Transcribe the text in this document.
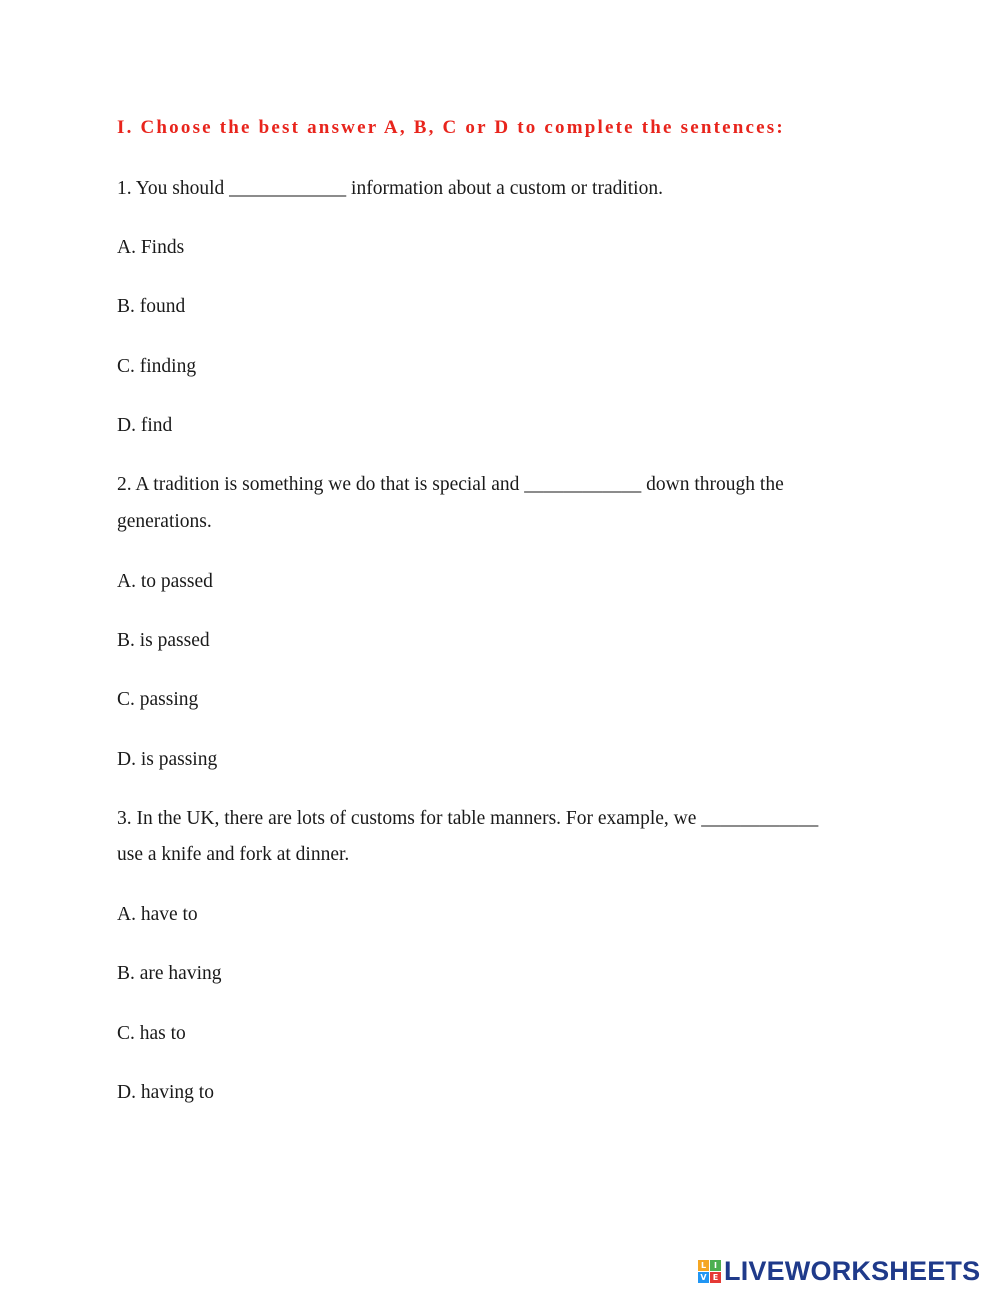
I. Choose the best answer A, B, C or D to complete the sentences:
1. You should ____________ information about a custom or tradition.
A. Finds
B. found
C. finding
D. find
2. A tradition is something we do that is special and ____________ down through the
generations.
A. to passed
B. is passed
C. passing
D. is passing
3. In the UK, there are lots of customs for table manners. For example, we ____________
use a knife and fork at dinner.
A. have to
B. are having
C. has to
D. having to
L I
V E LIVEWORKSHEETS
